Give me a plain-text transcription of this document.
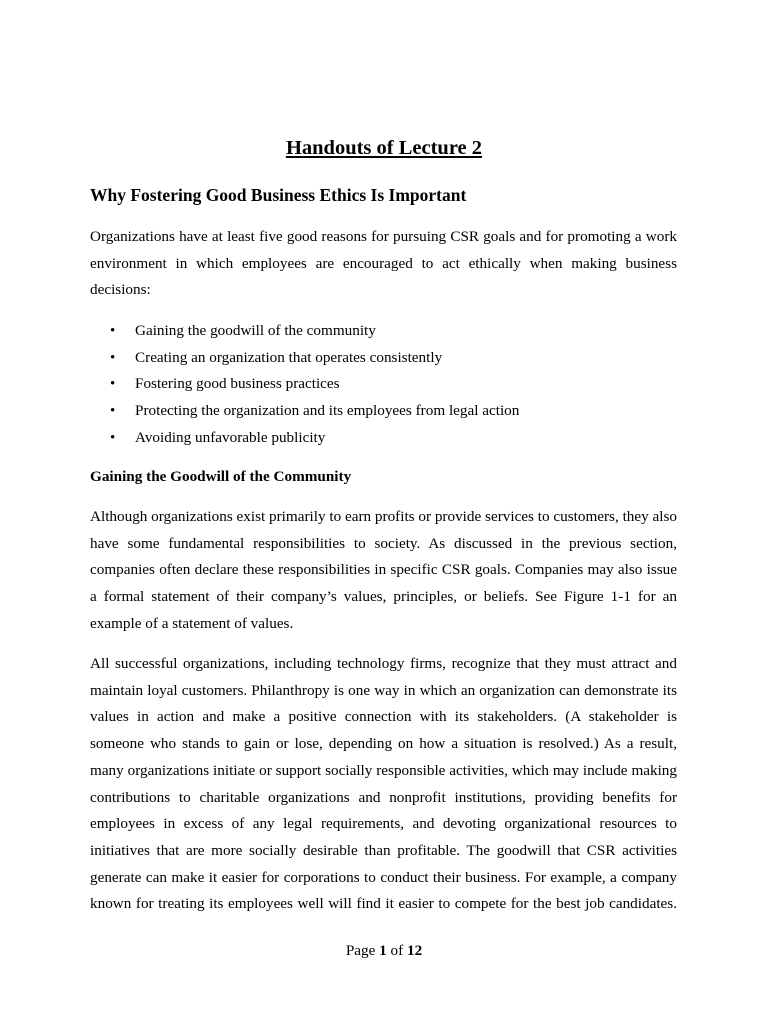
Handouts of Lecture 2
Why Fostering Good Business Ethics Is Important

Organizations have at least five good reasons for pursuing CSR goals and for promoting a work environment in which employees are encouraged to act ethically when making business decisions:

• Gaining the goodwill of the community
• Creating an organization that operates consistently
• Fostering good business practices
• Protecting the organization and its employees from legal action
• Avoiding unfavorable publicity
Gaining the Goodwill of the Community

Although organizations exist primarily to earn profits or provide services to customers, they also have some fundamental responsibilities to society. As discussed in the previous section, companies often declare these responsibilities in specific CSR goals. Companies may also issue a formal statement of their company’s values, principles, or beliefs. See Figure 1-1 for an example of a statement of values.

All successful organizations, including technology firms, recognize that they must attract and maintain loyal customers. Philanthropy is one way in which an organization can demonstrate its values in action and make a positive connection with its stakeholders. (A stakeholder is someone who stands to gain or lose, depending on how a situation is resolved.) As a result, many organizations initiate or support socially responsible activities, which may include making contributions to charitable organizations and nonprofit institutions, providing benefits for employees in excess of any legal requirements, and devoting organizational resources to initiatives that are more socially desirable than profitable. The goodwill that CSR activities generate can make it easier for corporations to conduct their business. For example, a company known for treating its employees well will find it easier to compete for the best job candidates.

Page 1 of 12
